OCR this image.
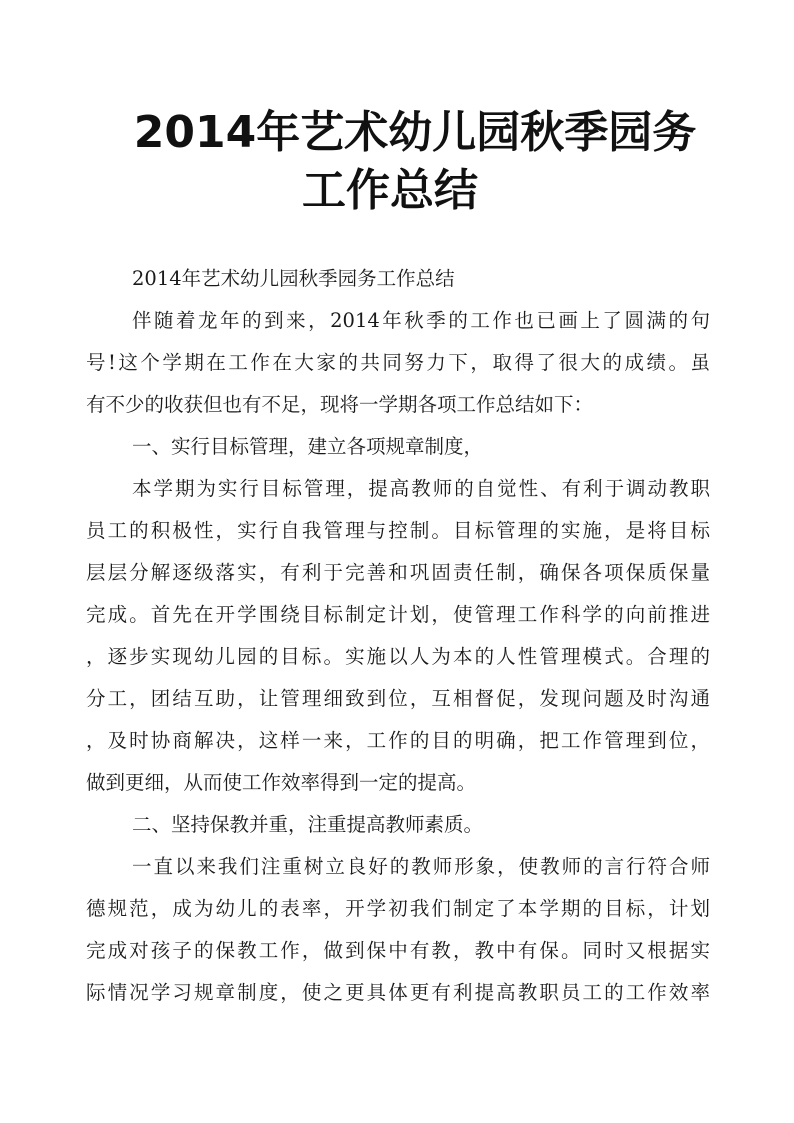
2014年艺术幼儿园秋季园务
工作总结
2014年艺术幼儿园秋季园务工作总结
伴随着龙年的到来，2014年秋季的工作也已画上了圆满的句
号!这个学期在工作在大家的共同努力下，取得了很大的成绩。虽
有不少的收获但也有不足，现将一学期各项工作总结如下：
一、实行目标管理，建立各项规章制度，
本学期为实行目标管理，提高教师的自觉性、有利于调动教职
员工的积极性，实行自我管理与控制。目标管理的实施，是将目标
层层分解逐级落实，有利于完善和巩固责任制，确保各项保质保量
完成。首先在开学围绕目标制定计划，使管理工作科学的向前推进
，逐步实现幼儿园的目标。实施以人为本的人性管理模式。合理的
分工，团结互助，让管理细致到位，互相督促，发现问题及时沟通
，及时协商解决，这样一来，工作的目的明确，把工作管理到位，
做到更细，从而使工作效率得到一定的提高。
二、坚持保教并重，注重提高教师素质。
一直以来我们注重树立良好的教师形象，使教师的言行符合师
德规范，成为幼儿的表率，开学初我们制定了本学期的目标，计划
完成对孩子的保教工作，做到保中有教，教中有保。同时又根据实
际情况学习规章制度，使之更具体更有利提高教职员工的工作效率
